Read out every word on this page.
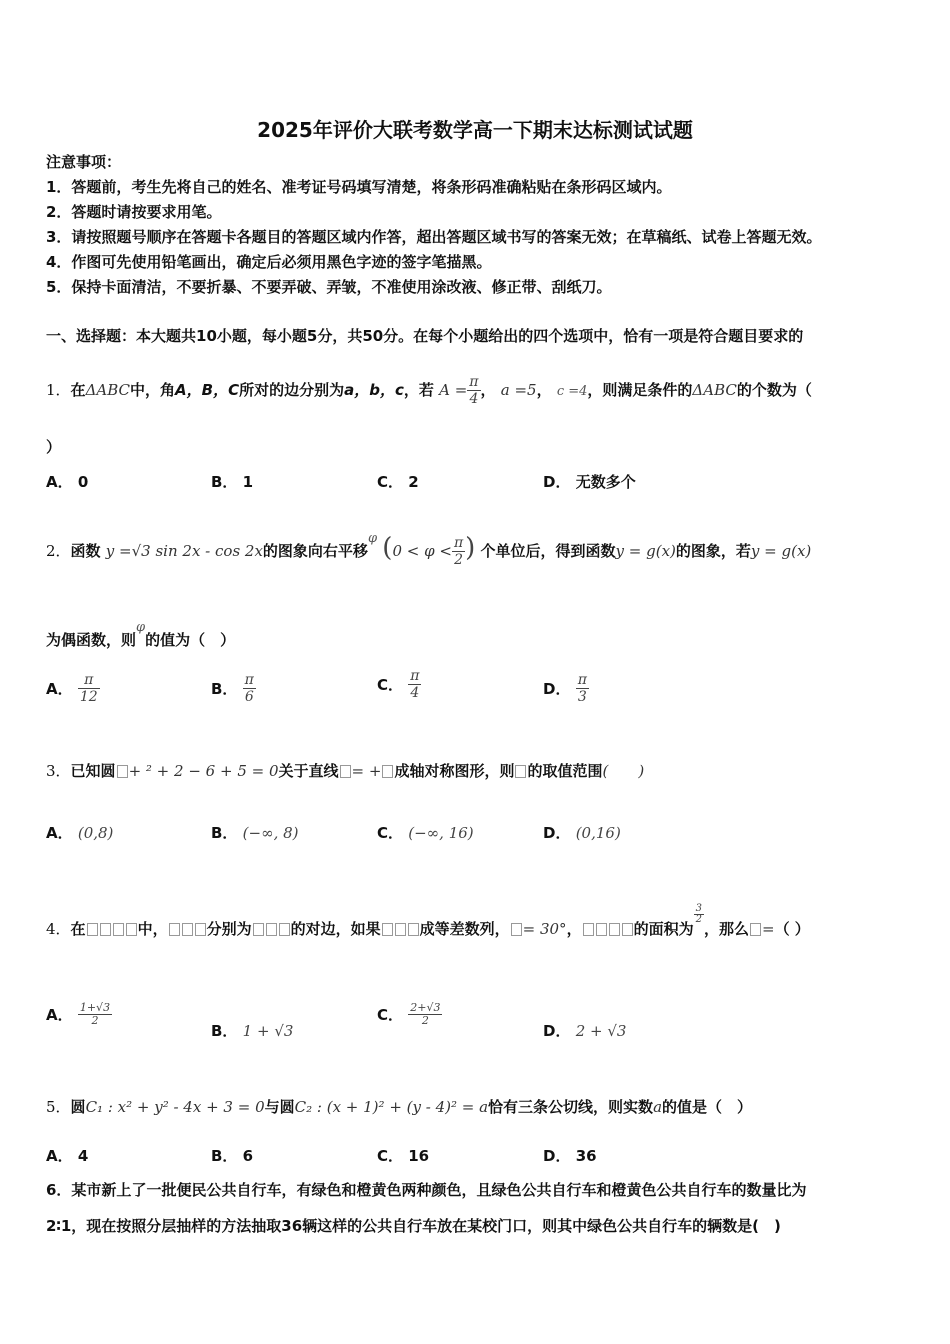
2025年评价大联考数学高一下期末达标测试试题
注意事项：
1．答题前，考生先将自己的姓名、准考证号码填写清楚，将条形码准确粘贴在条形码区域内。
2．答题时请按要求用笔。
3．请按照题号顺序在答题卡各题目的答题区域内作答，超出答题区域书写的答案无效；在草稿纸、试卷上答题无效。
4．作图可先使用铅笔画出，确定后必须用黑色字迹的签字笔描黑。
5．保持卡面清洁，不要折暴、不要弄破、弄皱，不准使用涂改液、修正带、刮纸刀。
一、选择题：本大题共10小题，每小题5分，共50分。在每个小题给出的四个选项中，恰有一项是符合题目要求的
1．在ΔABC中，角A，B，C所对的边分别为a，b，c，若 $A = \frac{\pi}{4}$ ， a =5， c =4，则满足条件的ΔABC的个数为（
）
A． 0	B． 1	C． 2	D． 无数多个
2．函数 y =√3 sin 2x - cos 2x的图象向右平移φ ($0 < \varphi < \frac{\pi}{2}$ ) 个单位后，得到函数y = g(x)的图象，若y = g(x)
为偶函数，则φ的值为（　）
A． $\frac{\pi}{12}$	B． $\frac{\pi}{6}$	C． $\frac{\pi}{4}$	D． $\frac{\pi}{3}$
3．已知圆 + ² + 2 − 6 + 5 = 0关于直线 = + 成轴对称图形，则 的取值范围(　　)
A． (0,8)	B． (−∞, 8)	C． (−∞, 16)	D． (0,16)
4．在	中，	分别为	的对边，如果	成等差数列， = 30°，	的面积为
$\frac{3}{2}$
，那么 =（ ）
A． $\frac{1+√3}{2}$
B． 1 + √3
C． $\frac{2+√3}{2}$
D． 2 + √3
5．圆C₁ : x² + y² - 4x + 3 = 0与圆C₂ : (x + 1)² + (y - 4)² = a恰有三条公切线，则实数a的值是（　）
A． 4	B． 6	C． 16	D． 36
6．某市新上了一批便民公共自行车，有绿色和橙黄色两种颜色，且绿色公共自行车和橙黄色公共自行车的数量比为
2∶1，现在按照分层抽样的方法抽取36辆这样的公共自行车放在某校门口，则其中绿色公共自行车的辆数是(　)
